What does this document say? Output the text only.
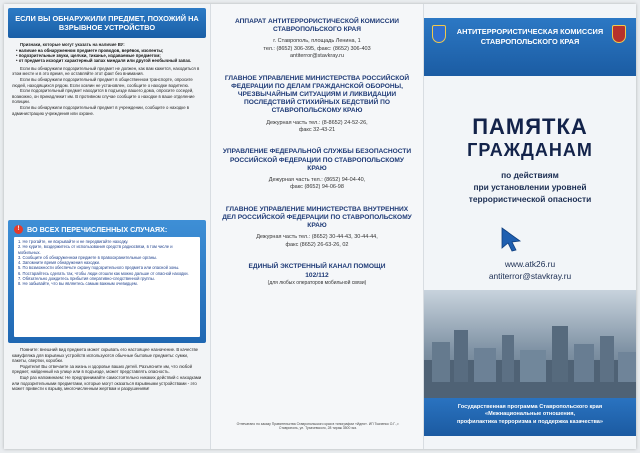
ЕСЛИ ВЫ ОБНАРУЖИЛИ ПРЕДМЕТ, ПОХОЖИЙ НА ВЗРЫВНОЕ УСТРОЙСТВО

Признаки, которые могут указать на наличие ВУ:

• наличие на обнаруженном предмете проводов, верёвок, изоленты;
• подозрительные звуки, щелчки, тиканье, издаваемые предметом;
• от предмета исходит характерный запах миндаля или другой необычный запах.

Если вы обнаружили подозрительный предмет не должен, как вам кажется, находиться в этом месте и в это время, не оставляйте этот факт без внимания.

Если вы обнаружили подозрительный предмет в общественном транспорте, опросите людей, находящихся рядом. Если хозяин не установлен, сообщите о находке водителю.

Если подозрительный предмет находится в подъезде вашего дома, опросите соседей, возможно, он принадлежит им. В противном случае сообщите о находке в ваше отделение полиции.

Если вы обнаружили подозрительный предмет в учреждении, сообщите о находке в администрацию учреждения или охране.

!	ВО ВСЕХ ПЕРЕЧИСЛЕННЫХ СЛУЧАЯХ:
1. Не трогайте, не вскрывайте и не передвигайте находку.
2. Не курите, воздержитесь от использования средств радиосвязи, в том числе и мобильных.
3. Сообщите об обнаруженном предмете в правоохранительные органы.
4. Запомните время обнаружения находки.
5. По возможности обеспечьте охрану подозрительного предмета или опасной зоны.
6. Постарайтесь сделать так, чтобы люди отошли как можно дальше от опасной находки.
7. Обязательно дождитесь прибытия оперативно-следственной группы.
8. Не забывайте, что вы являетесь самым важным очевидцем.

Помните: внешний вид предмета может скрывать его настоящее назначение. В качестве камуфляжа для взрывных устройств используются обычные бытовые предметы: сумки, пакеты, свертки, коробки.

Родители! Вы отвечаете за жизнь и здоровье ваших детей. Разъясните им, что любой предмет, найденный на улице или в подъезде, может представлять опасность.

Ещё раз напоминаем: Не предпринимайте самостоятельно никаких действий с находками или подозрительными предметами, которые могут оказаться взрывными устройствами - это может привести к взрыву, многочисленным жертвам и разрушениям!

АППАРАТ АНТИТЕРРОРИСТИЧЕСКОЙ КОМИССИИ СТАВРОПОЛЬСКОГО КРАЯ
г. Ставрополь, площадь Ленина, 1
тел.: (8652) 306-395, факс: (8652) 306-403
antiterror@stavkray.ru
ГЛАВНОЕ УПРАВЛЕНИЕ МИНИСТЕРСТВА РОССИЙСКОЙ ФЕДЕРАЦИИ ПО ДЕЛАМ ГРАЖДАНСКОЙ ОБОРОНЫ, ЧРЕЗВЫЧАЙНЫМ СИТУАЦИЯМ И ЛИКВИДАЦИИ ПОСЛЕДСТВИЙ СТИХИЙНЫХ БЕДСТВИЙ ПО СТАВРОПОЛЬСКОМУ КРАЮ
Дежурная часть тел.: (8-8652) 24-52-26,
факс 32-43-21
УПРАВЛЕНИЕ ФЕДЕРАЛЬНОЙ СЛУЖБЫ БЕЗОПАСНОСТИ РОССИЙСКОЙ ФЕДЕРАЦИИ ПО СТАВРОПОЛЬСКОМУ КРАЮ
Дежурная часть тел.: (8652) 94-04-40,
факс (8652) 94-06-98
ГЛАВНОЕ УПРАВЛЕНИЕ МИНИСТЕРСТВА ВНУТРЕННИХ ДЕЛ РОССИЙСКОЙ ФЕДЕРАЦИИ ПО СТАВРОПОЛЬСКОМУ КРАЮ
Дежурная часть тел.: (8652) 30-44-43, 30-44-44,
факс (8652) 26-63-26, 02
ЕДИНЫЙ ЭКСТРЕННЫЙ КАНАЛ ПОМОЩИ
102/112
(для любых операторов мобильной связи)
Отпечатано по заказу Правительства Ставропольского края в типографии «Идея». ИП Ткаченко О.Г., г. Ставрополь, ул. Тухачевского, 28 тираж 3500 экз.
АНТИТЕРРОРИСТИЧЕСКАЯ КОМИССИЯ СТАВРОПОЛЬСКОГО КРАЯ
ПАМЯТКА
ГРАЖДАНАМ
по действиям
при установлении уровней
террористической опасности
www.atk26.ru
antiterror@stavkray.ru
Государственная программа Ставропольского края
«Межнациональные отношения,
профилактика терроризма и поддержка казачества»
